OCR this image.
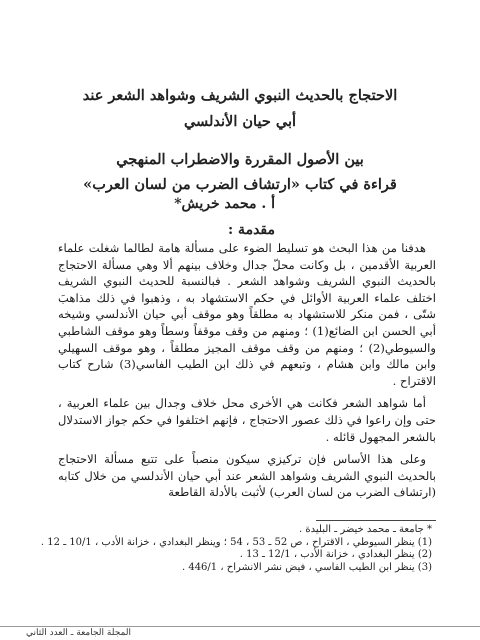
الاحتجاج بالحديث النبوي الشريف وشواهد الشعر عند
أبي حيان الأندلسي
بين الأصول المقررة والاضطراب المنهجي
قراءة في كتاب «ارتشاف الضرب من لسان العرب»
أ . محمد خريش*
مقدمة :

هدفنا من هذا البحث هو تسليط الضوء على مسألة هامة لطالما شغلت علماء العربية الأقدمين ، بل وكانت محلّ جدال وخلاف بينهم ألا وهي مسألة الاحتجاج بالحديث النبوي الشريف وشواهد الشعر . فبالنسبة للحديث النبوي الشريف اختلف علماء العربية الأوائل في حكم الاستشهاد به ، وذهبوا في ذلك مذاهبَ شتّى ، فمن منكر للاستشهاد به مطلقاً وهو موقف أبي حيان الأندلسي وشيخه أبي الحسن ابن الضائع(1) ؛ ومنهم من وقف موقفاً وسطاً وهو موقف الشاطبي والسيوطي(2) ؛ ومنهم من وقف موقف المجيز مطلقاً ، وهو موقف السهيلي وابن مالك وابن هشام ، وتبعهم في ذلك ابن الطيب الفاسي(3) شارح كتاب الاقتراح .

أما شواهد الشعر فكانت هي الأخرى محل خلاف وجدال بين علماء العربية ، حتى وإن راعوا في ذلك عصور الاحتجاج ، فإنهم اختلفوا في حكم جواز الاستدلال بالشعر المجهول قائله .

وعلى هذا الأساس فإن تركيزي سيكون منصباً على تتبع مسألة الاحتجاج بالحديث النبوي الشريف وشواهد الشعر عند أبي حيان الأندلسي من خلال كتابه (ارتشاف الضرب من لسان العرب) لأثبت بالأدلة القاطعة

* جامعة ـ محمد خيضر ـ البليدة .
(1) ينظر السيوطي ، الاقتراح ، ص 52 ـ 53 ، 54 ؛ وينظر البغدادي ، خزانة الأدب ، 10/1 ـ 12 .
(2) ينظر البغدادي ، خزانة الأدب ، 12/1 ـ 13 .
(3) ينظر ابن الطيب الفاسي ، فيض نشر الانشراح ، 446/1 .
المجلة الجامعة ـ العدد الثاني
